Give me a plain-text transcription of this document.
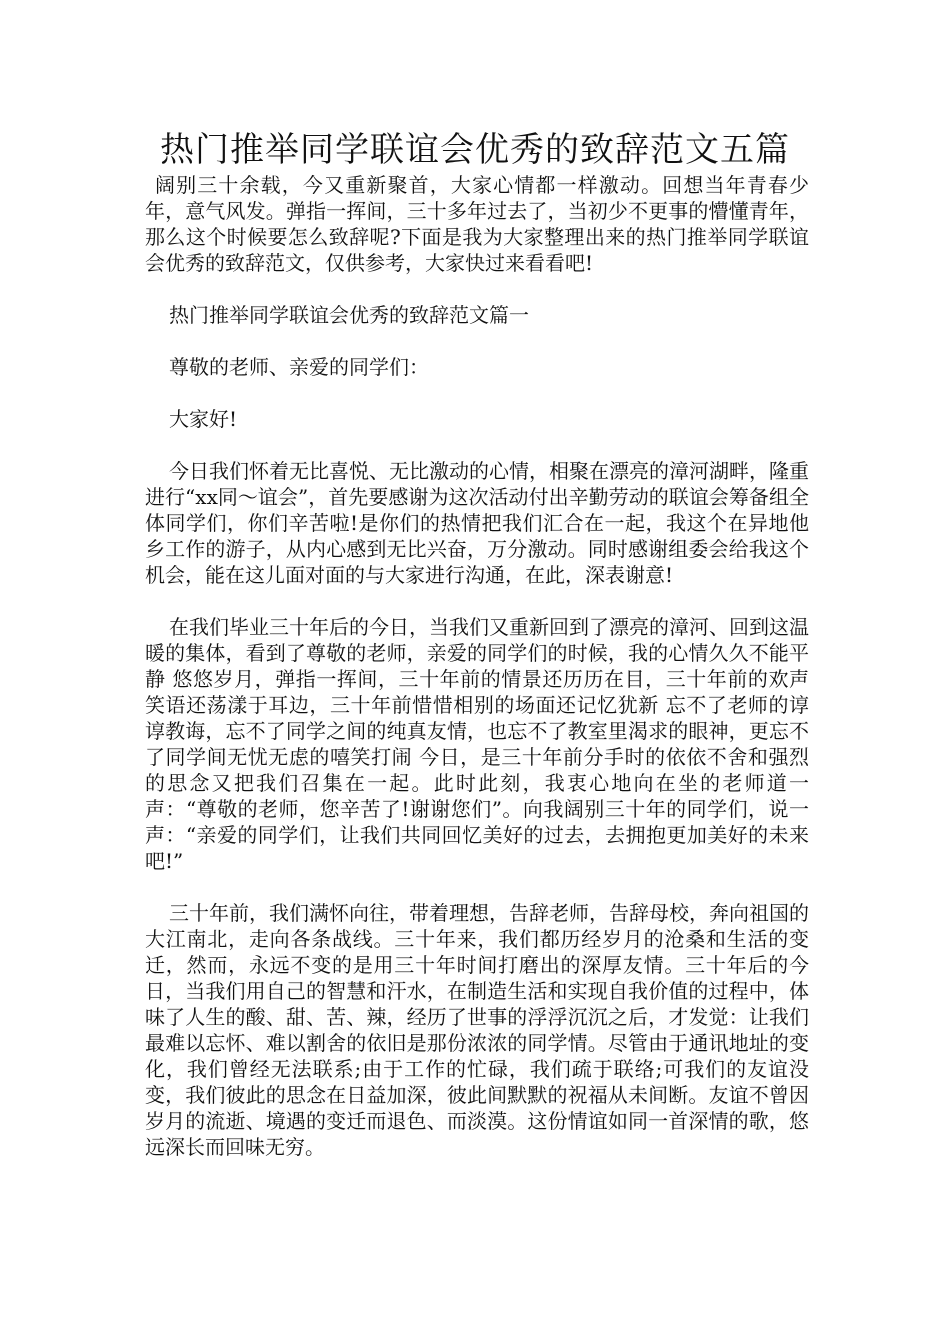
热门推举同学联谊会优秀的致辞范文五篇

阔别三十余载，今又重新聚首，大家心情都一样激动。回想当年青春少年，意气风发。弹指一挥间，三十多年过去了，当初少不更事的懵懂青年，那么这个时候要怎么致辞呢?下面是我为大家整理出来的热门推举同学联谊会优秀的致辞范文，仅供参考，大家快过来看看吧!

热门推举同学联谊会优秀的致辞范文篇一

尊敬的老师、亲爱的同学们：

大家好!

今日我们怀着无比喜悦、无比激动的心情，相聚在漂亮的漳河湖畔，隆重进行“xx同～谊会”，首先要感谢为这次活动付出辛勤劳动的联谊会筹备组全体同学们，你们辛苦啦!是你们的热情把我们汇合在一起，我这个在异地他乡工作的游子，从内心感到无比兴奋，万分激动。同时感谢组委会给我这个机会，能在这儿面对面的与大家进行沟通，在此，深表谢意!

在我们毕业三十年后的今日，当我们又重新回到了漂亮的漳河、回到这温暖的集体，看到了尊敬的老师，亲爱的同学们的时候，我的心情久久不能平静 悠悠岁月，弹指一挥间，三十年前的情景还历历在目，三十年前的欢声笑语还荡漾于耳边，三十年前惜惜相别的场面还记忆犹新 忘不了老师的谆谆教诲，忘不了同学之间的纯真友情，也忘不了教室里渴求的眼神，更忘不了同学间无忧无虑的嘻笑打闹 今日，是三十年前分手时的依依不舍和强烈的思念又把我们召集在一起。此时此刻，我衷心地向在坐的老师道一声：“尊敬的老师，您辛苦了!谢谢您们”。向我阔别三十年的同学们，说一声：“亲爱的同学们，让我们共同回忆美好的过去，去拥抱更加美好的未来吧!”

三十年前，我们满怀向往，带着理想，告辞老师，告辞母校，奔向祖国的大江南北，走向各条战线。三十年来，我们都历经岁月的沧桑和生活的变迁，然而，永远不变的是用三十年时间打磨出的深厚友情。三十年后的今日，当我们用自己的智慧和汗水，在制造生活和实现自我价值的过程中，体味了人生的酸、甜、苦、辣，经历了世事的浮浮沉沉之后，才发觉：让我们最难以忘怀、难以割舍的依旧是那份浓浓的同学情。尽管由于通讯地址的变化，我们曾经无法联系;由于工作的忙碌，我们疏于联络;可我们的友谊没变，我们彼此的思念在日益加深，彼此间默默的祝福从未间断。友谊不曾因岁月的流逝、境遇的变迁而退色、而淡漠。这份情谊如同一首深情的歌，悠远深长而回味无穷。
